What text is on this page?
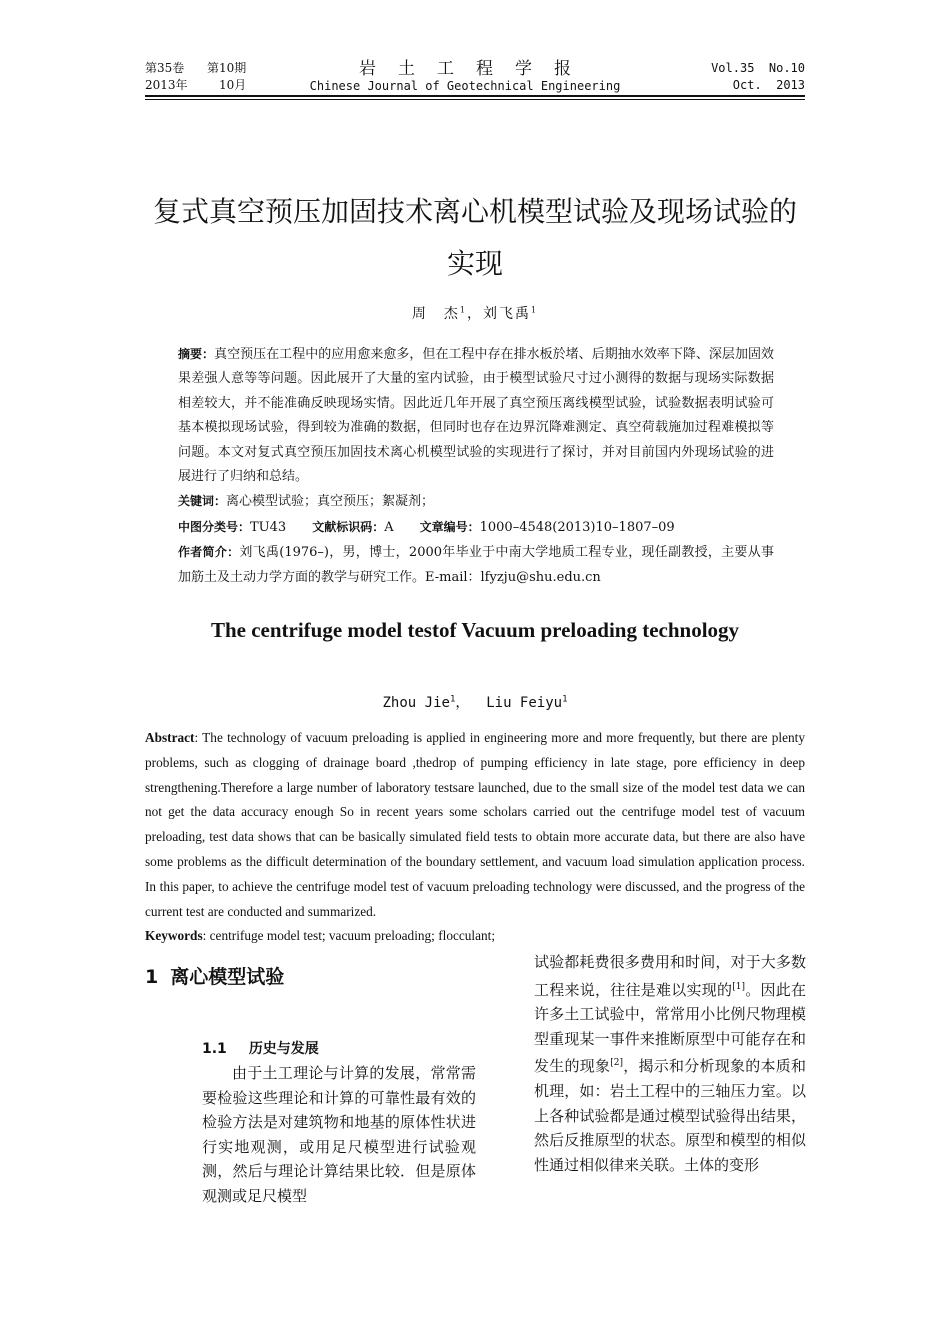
第35卷	第10期
2013年	10月
岩土工程学报
Chinese Journal of Geotechnical Engineering
Vol.35  No.10
Oct.  2013
复式真空预压加固技术离心机模型试验及现场试验的
实现
周　杰$^1$，刘飞禹$^1$

摘要：真空预压在工程中的应用愈来愈多，但在工程中存在排水板於堵、后期抽水效率下降、深层加固效果差强人意等等问题。因此展开了大量的室内试验，由于模型试验尺寸过小测得的数据与现场实际数据相差较大，并不能准确反映现场实情。因此近几年开展了真空预压离线模型试验，试验数据表明试验可基本模拟现场试验，得到较为准确的数据，但同时也存在边界沉降难测定、真空荷载施加过程难模拟等问题。本文对复式真空预压加固技术离心机模型试验的实现进行了探讨，并对目前国内外现场试验的进展进行了归纳和总结。

关键词：离心模型试验；真空预压；絮凝剂；

中图分类号：TU43 文献标识码：A 文章编号：1000–4548(2013)10–1807–09

作者简介：刘飞禹(1976–)，男，博士，2000年毕业于中南大学地质工程专业，现任副教授，主要从事加筋土及土动力学方面的教学与研究工作。E-mail：lfyzju@shu.edu.cn

The centrifuge model testof Vacuum preloading technology
Zhou Jie$^1$，  Liu Feiyu$^1$

Abstract: The technology of vacuum preloading is applied in engineering more and more frequently, but there are plenty problems, such as clogging of drainage board ,thedrop of pumping efficiency in late stage, pore efficiency in deep strengthening.Therefore a large number of laboratory testsare launched, due to the small size of the model test data we can not get the data accuracy enough So in recent years some scholars carried out the centrifuge model test of vacuum preloading, test data shows that can be basically simulated field tests to obtain more accurate data, but there are also have some problems as the difficult determination of the boundary settlement, and vacuum load simulation application process. In this paper, to achieve the centrifuge model test of vacuum preloading technology were discussed, and the progress of the current test are conducted and summarized.

Keywords: centrifuge model test; vacuum preloading; flocculant;

1 离心模型试验
1.1 历史与发展

由于土工理论与计算的发展，常常需要检验这些理论和计算的可靠性最有效的检验方法是对建筑物和地基的原体性状进行实地观测，或用足尺模型进行试验观测，然后与理论计算结果比较．但是原体观测或足尺模型

试验都耗费很多费用和时间，对于大多数工程来说，往往是难以实现的[1]。因此在许多土工试验中，常常用小比例尺物理模型重现某一事件来推断原型中可能存在和发生的现象[2]，揭示和分析现象的本质和机理，如：岩土工程中的三轴压力室。以上各种试验都是通过模型试验得出结果，然后反推原型的状态。原型和模型的相似性通过相似律来关联。土体的变形
